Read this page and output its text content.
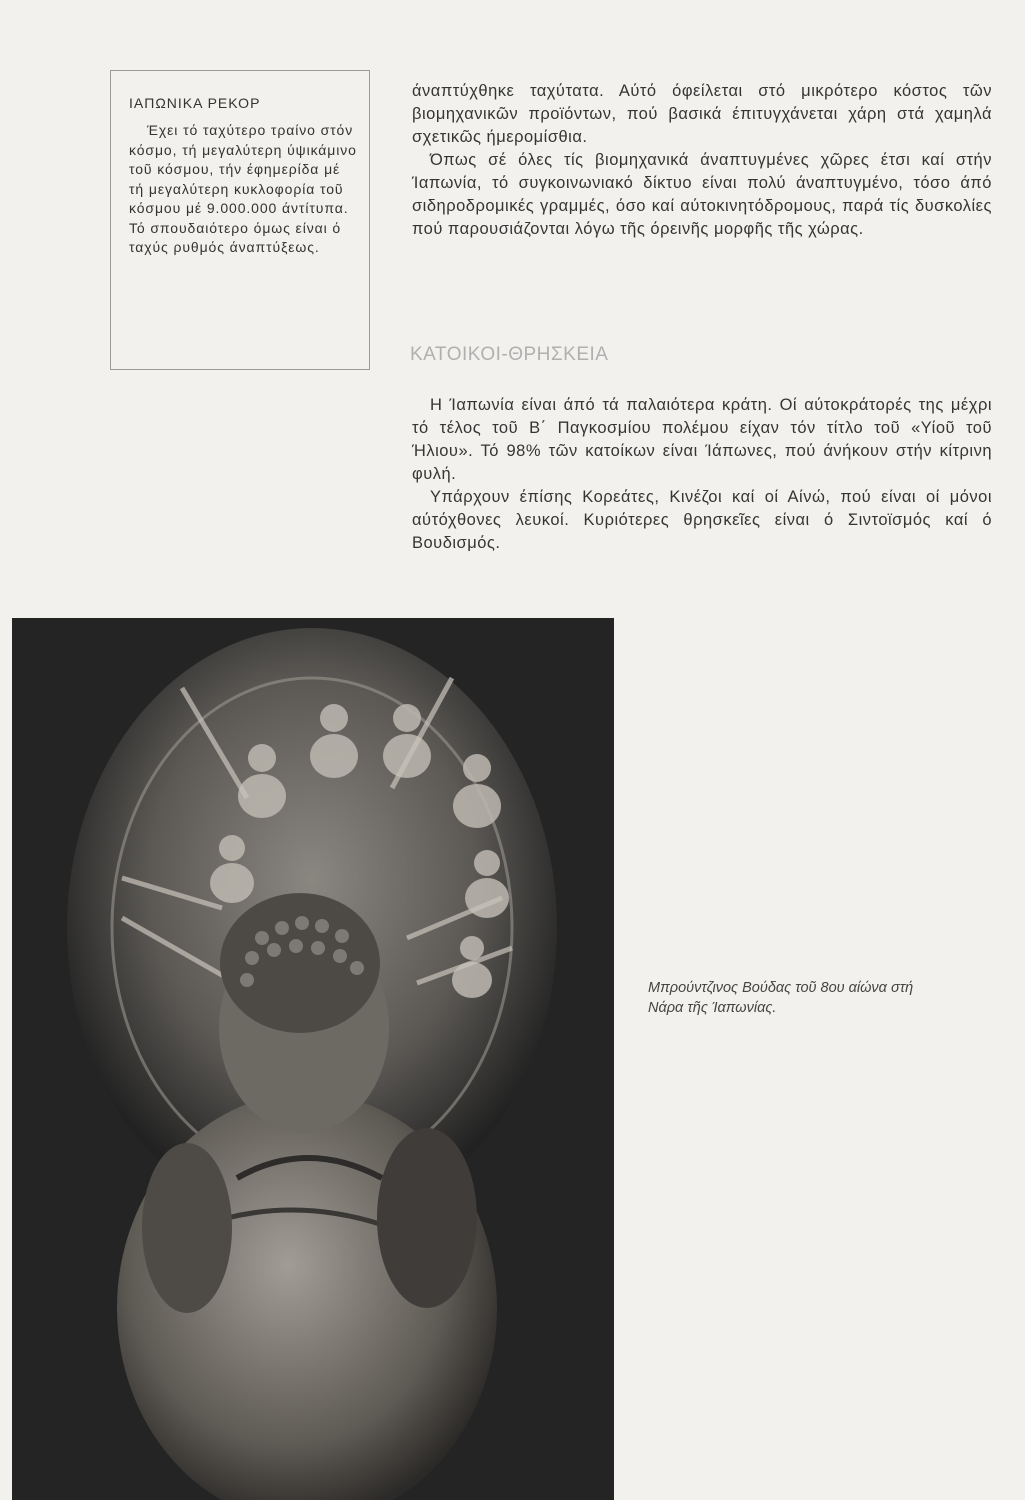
ΙΑΠΩΝΙΚΑ ΡΕΚΟΡ

Έχει τό ταχύτερο τραίνο στόν κόσμο, τή μεγαλύτερη ύψικάμινο τοῦ κόσμου, τήν έφημερίδα μέ τή μεγαλύτερη κυκλοφορία τοῦ κόσμου μέ 9.000.000 άντίτυπα.

Τό σπουδαιότερο όμως είναι ό ταχύς ρυθμός άναπτύξεως.

άναπτύχθηκε ταχύτατα. Αύτό όφείλεται στό μικρότερο κόστος τῶν βιομηχανικῶν προϊόντων, πού βασικά έπιτυγχάνεται χάρη στά χαμηλά σχετικῶς ήμερομίσθια.

Όπως σέ όλες τίς βιομηχανικά άναπτυγμένες χῶρες έτσι καί στήν Ίαπωνία, τό συγκοινωνιακό δίκτυο είναι πολύ άναπτυγμένο, τόσο άπό σιδηροδρομικές γραμμές, όσο καί αύτοκινητόδρομους, παρά τίς δυσκολίες πού παρουσιάζονται λόγω τῆς όρεινῆς μορφῆς τῆς χώρας.

ΚΑΤΟΙΚΟΙ-ΘΡΗΣΚΕΙΑ

Η Ίαπωνία είναι άπό τά παλαιότερα κράτη. Οί αύτοκράτορές της μέχρι τό τέλος τοῦ Β΄ Παγκοσμίου πολέμου είχαν τόν τίτλο τοῦ «Υίοῦ τοῦ Ήλιου». Τό 98% τῶν κατοίκων είναι Ίάπωνες, πού άνήκουν στήν κίτρινη φυλή.

Υπάρχουν έπίσης Κορεάτες, Κινέζοι καί οί Αίνώ, πού είναι οί μόνοι αύτόχθονες λευκοί. Κυριότερες θρησκεῖες είναι ό Σιντοϊσμός καί ό Βουδισμός.

Μπρούντζινος Βούδας τοῦ 8ου αίώνα στή Νάρα τῆς Ίαπωνίας.
